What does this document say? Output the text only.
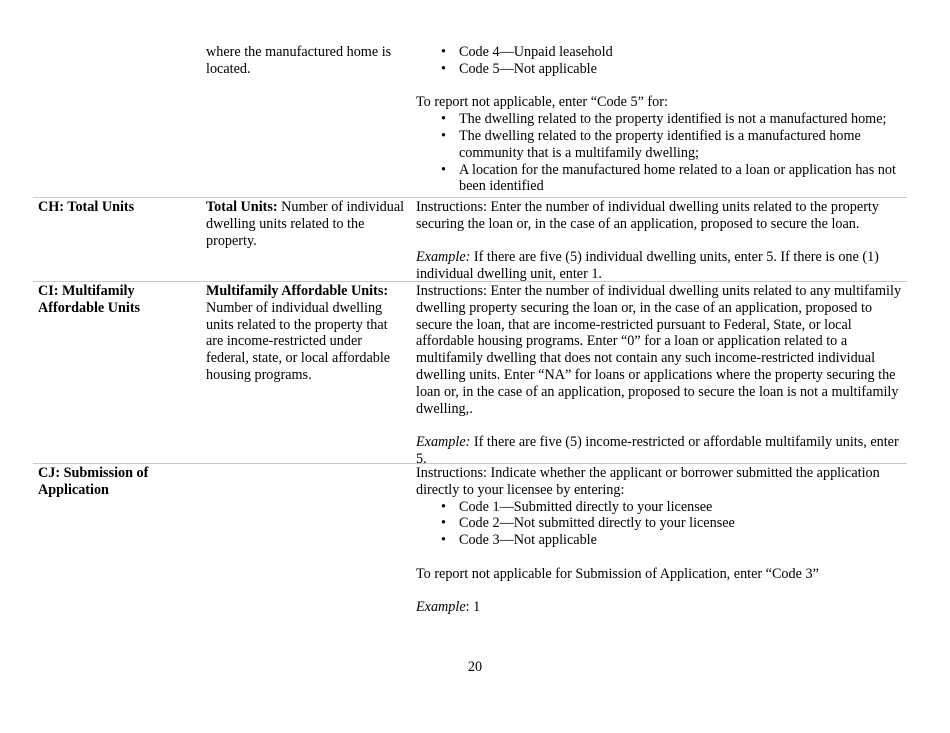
where the manufactured home is located.
• Code 4—Unpaid leasehold
• Code 5—Not applicable
To report not applicable, enter “Code 5” for:
• The dwelling related to the property identified is not a manufactured home;
• The dwelling related to the property identified is a manufactured home community that is a multifamily dwelling;
• A location for the manufactured home related to a loan or application has not been identified
CH: Total Units	Total Units: Number of individual dwelling units related to the property.
Instructions: Enter the number of individual dwelling units related to the property securing the loan or, in the case of an application, proposed to secure the loan.
Example: If there are five (5) individual dwelling units, enter 5. If there is one (1) individual dwelling unit, enter 1.
CI: Multifamily Affordable Units
Multifamily Affordable Units: Number of individual dwelling units related to the property that are income-restricted under federal, state, or local affordable housing programs.
Instructions: Enter the number of individual dwelling units related to any multifamily dwelling property securing the loan or, in the case of an application, proposed to secure the loan, that are income-restricted pursuant to Federal, State, or local affordable housing programs. Enter “0” for a loan or application related to a multifamily dwelling that does not contain any such income-restricted individual dwelling units. Enter “NA” for loans or applications where the property securing the loan or, in the case of an application, proposed to secure the loan is not a multifamily dwelling,.
Example: If there are five (5) income-restricted or affordable multifamily units, enter 5.
CJ: Submission of Application
Instructions: Indicate whether the applicant or borrower submitted the application directly to your licensee by entering:
• Code 1—Submitted directly to your licensee
• Code 2—Not submitted directly to your licensee
• Code 3—Not applicable
To report not applicable for Submission of Application, enter “Code 3”
Example: 1
20
